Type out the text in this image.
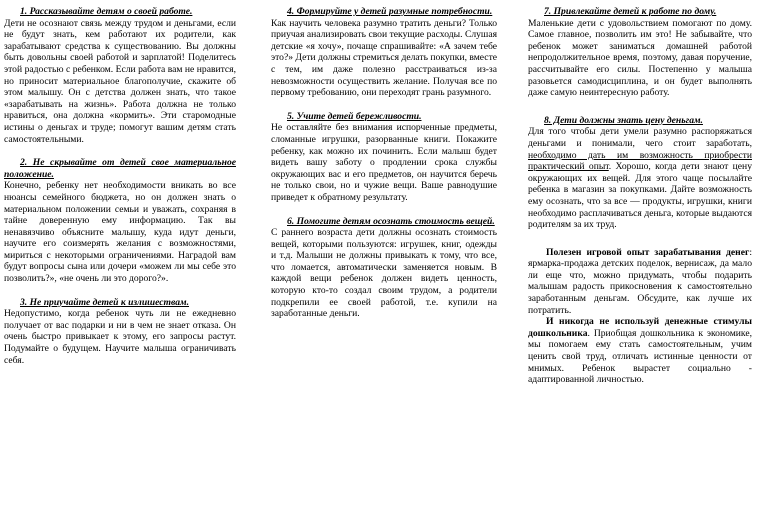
1. Рассказывайте детям о своей работе.

Дети не осознают связь между трудом и деньгами, если не будут знать, кем работают их родители, как зарабатывают средства к существованию. Вы должны быть довольны своей работой и зарплатой! Поделитесь этой радостью с ребенком. Если работа вам не нравится, но приносит материальное благополучие, скажите об этом малышу. Он с детства должен знать, что такое «зарабатывать на жизнь». Работа должна не только нравиться, она должна «кормить». Эти старомодные истины о деньгах и труде; помогут вашим детям стать самостоятельными.

2. Не скрывайте от детей свое материальное положение.

Конечно, ребенку нет необходимости вникать во все нюансы семейного бюджета, но он должен знать о материальном положении семьи и уважать, сохраняя в тайне доверенную ему информацию. Так вы ненавязчиво объясните малышу, куда идут деньги, научите его соизмерять желания с возможностями, мириться с некоторыми ограничениями. Наградой вам будут вопросы сына или дочери «можем ли мы себе это позволить?», «не очень ли это дорого?».

3. Не приучайте детей к излишествам.

Недопустимо, когда ребенок чуть ли не ежедневно получает от вас подарки и ни в чем не знает отказа. Он очень быстро привыкает к этому, его запросы растут. Подумайте о будущем. Научите малыша ограничивать себя.

4. Формируйте у детей разумные потребности.

Как научить человека разумно тратить деньги? Только приучая анализировать свои текущие расходы. Слушая детские «я хочу», почаще спрашивайте: «А зачем тебе это?» Дети должны стремиться делать покупки, вместе с тем, им даже полезно расстраиваться из-за невозможности осуществить желание. Получая все по первому требованию, они переходят грань разумного.

5. Учите детей бережливости.

Не оставляйте без внимания испорченные предметы, сломанные игрушки, разорванные книги. Покажите ребенку, как можно их починить. Если малыш будет видеть вашу заботу о продлении срока службы окружающих вас и его предметов, он научится беречь не только свои, но и чужие вещи. Ваше равнодушие приведет к обратному результату.

6. Помогите детям осознать стоимость вещей.

С раннего возраста дети должны осознать стоимость вещей, которыми пользуются: игрушек, книг, одежды и т.д. Малыши не должны привыкать к тому, что все, что ломается, автоматически заменяется новым. В каждой вещи ребенок должен видеть ценность, которую кто-то создал своим трудом, а родители подкрепили ее своей работой, т.е. купили на заработанные деньги.

7. Привлекайте детей к работе по дому.

Маленькие дети с удовольствием помогают по дому. Самое главное, позволить им это! Не забывайте, что ребенок может заниматься домашней работой непродолжительное время, поэтому, давая поручение, рассчитывайте его силы. Постепенно у малыша разовьется самодисциплина, и он будет выполнять даже самую неинтересную работу.

8. Дети должны знать цену деньгам.

Для того чтобы дети умели разумно распоряжаться деньгами и понимали, чего стоит заработать, необходимо дать им возможность приобрести практический опыт. Хорошо, когда дети знают цену окружающих их вещей. Для этого чаще посылайте ребенка в магазин за покупками. Дайте возможность ему осознать, что за все — продукты, игрушки, книги необходимо расплачиваться деньга, которые выдаются родителям за их труд.

Полезен игровой опыт зарабатывания денег: ярмарка-продажа детских поделок, вернисаж, да мало ли еще что, можно придумать, чтобы подарить малышам радость прикосновения к самостоятельно заработанным деньгам. Обсудите, как лучше их потратить.

И никогда не используй денежные стимулы дошкольника. Приобщая дошкольника к экономике, мы помогаем ему стать самостоятельным, учим ценить свой труд, отличать истинные ценности от мнимых. Ребенок вырастет социально - адаптированной личностью.
